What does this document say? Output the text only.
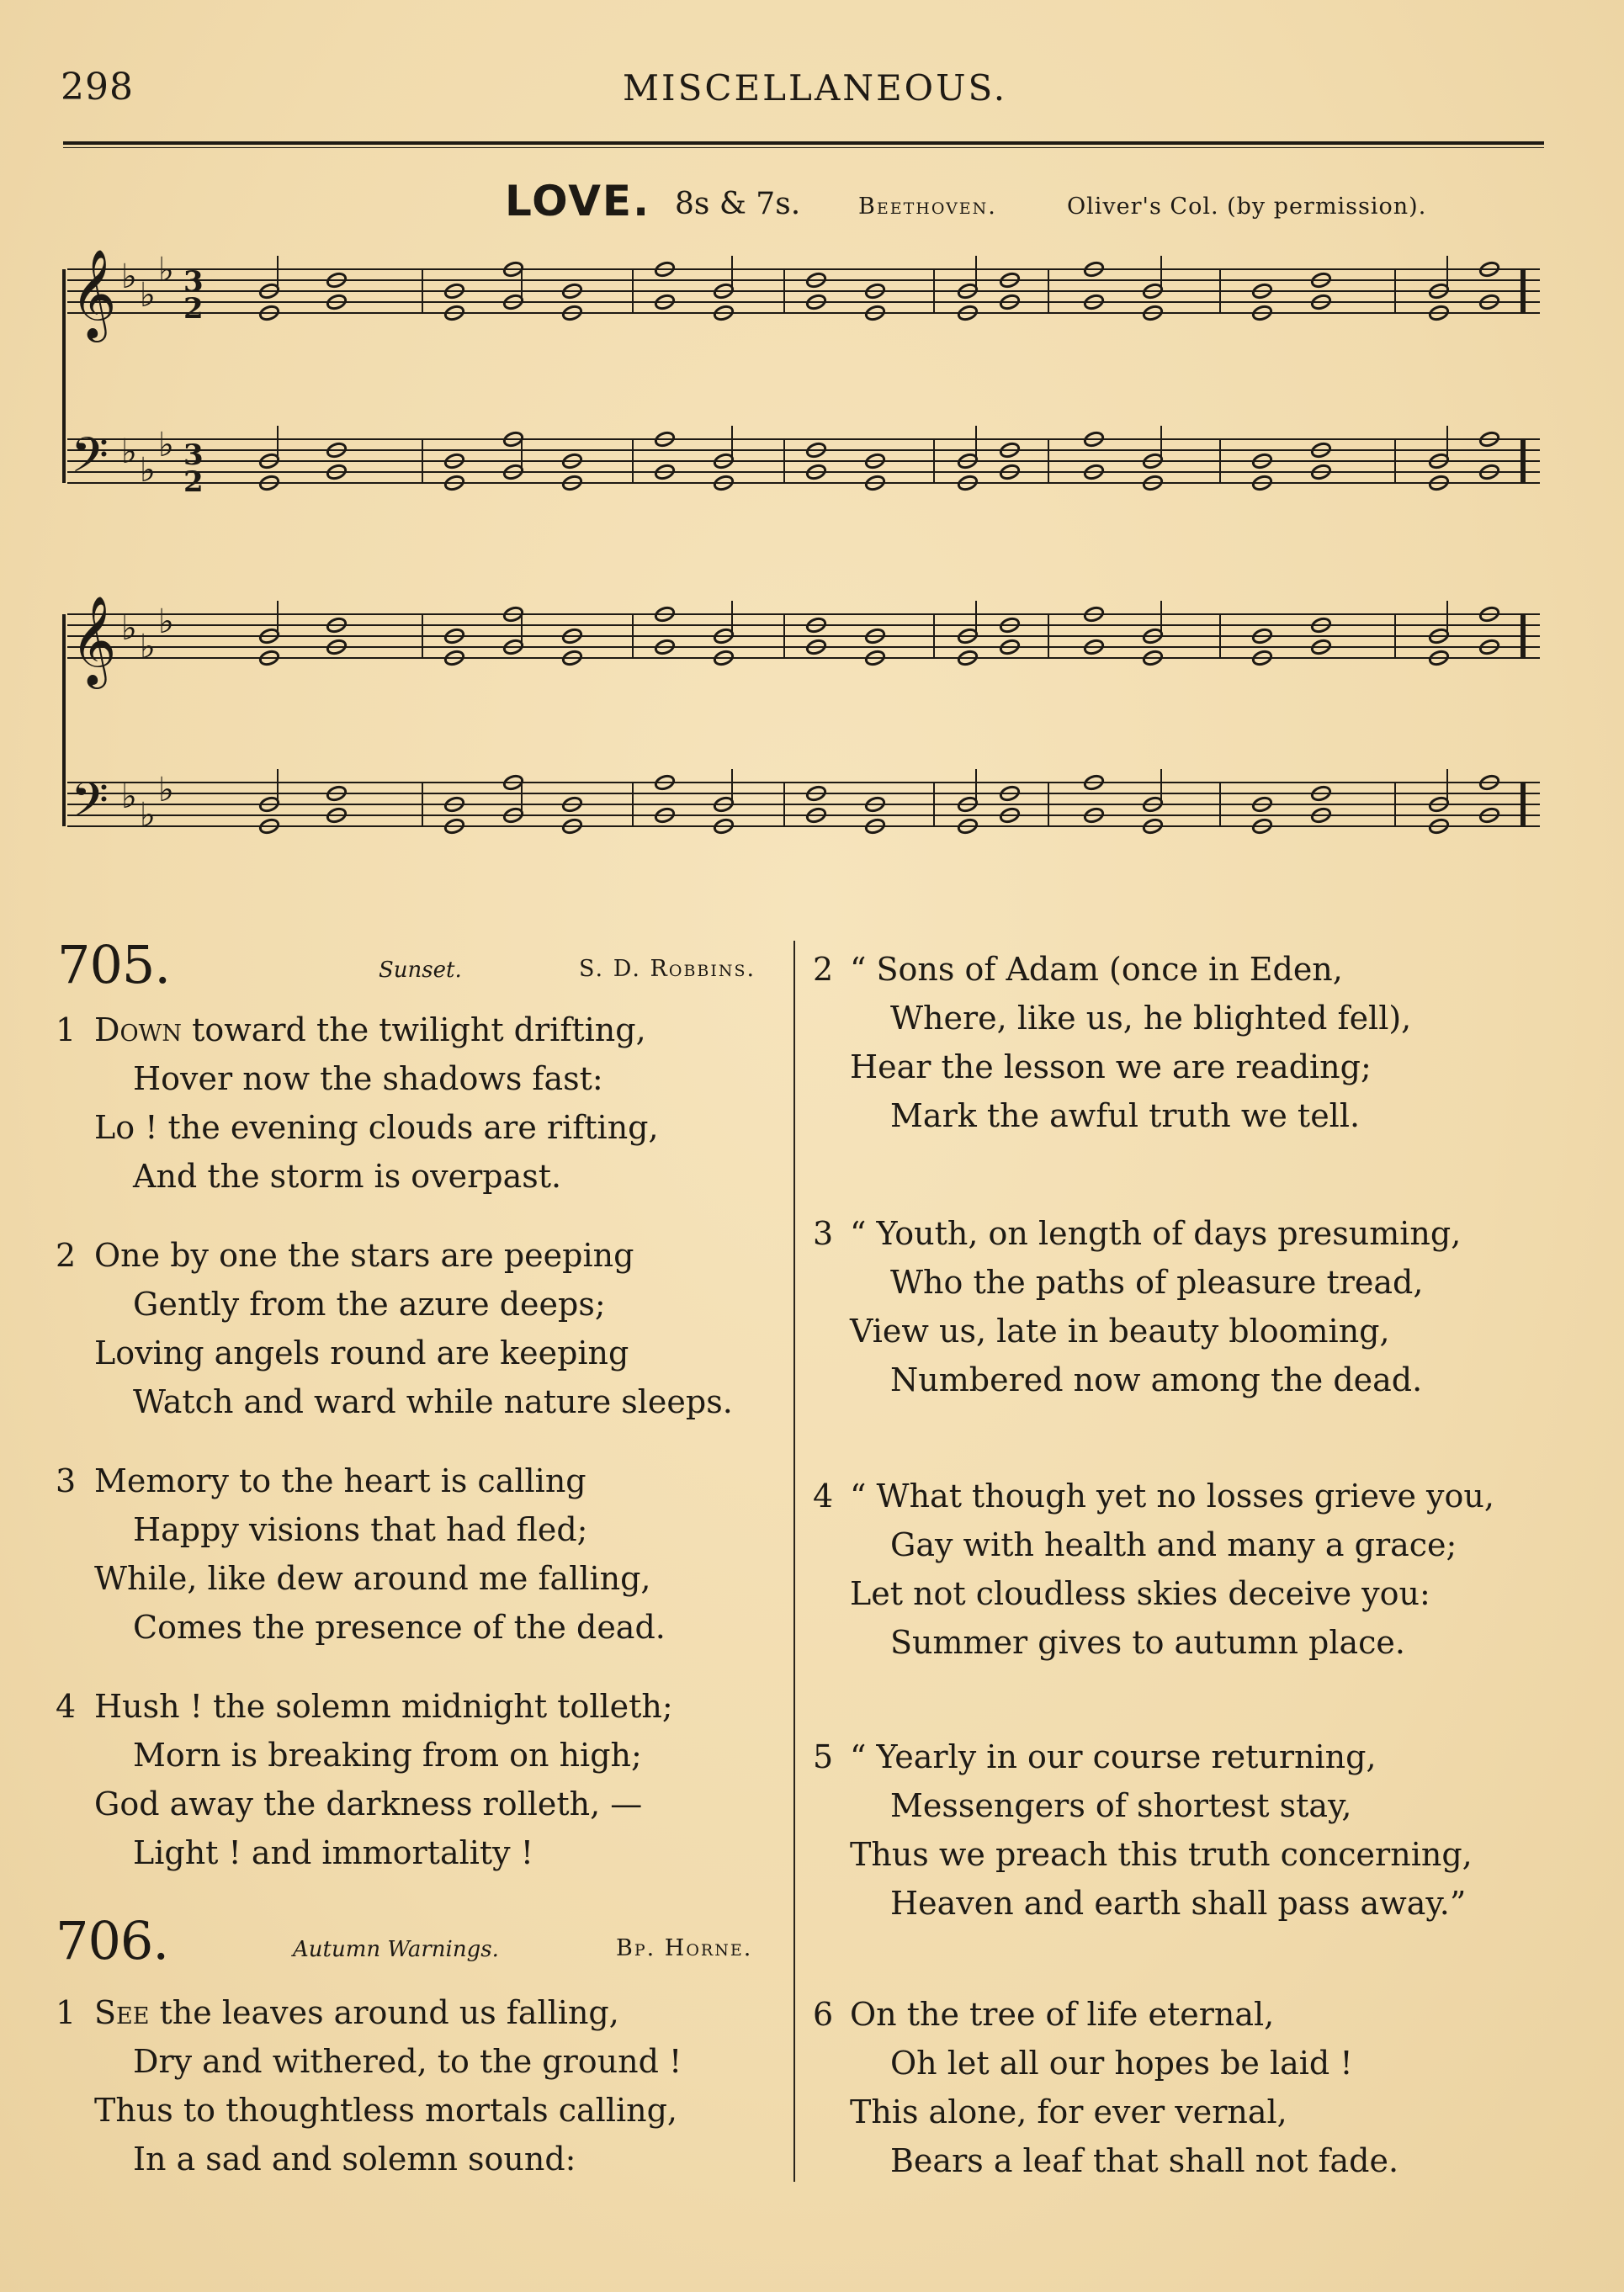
298	MISCELLANEOUS.
LOVE. 8s & 7s.	Beethoven.	Oliver's Col. (by permission).
𝄞
𝄢
𝄞
𝄢
♭ ♭
♭
♭ ♭
♭
♭ ♭
♭
♭ ♭
♭
3
2
3
2
705.	Sunset.	S. D. Robbins.
1 Down toward the twilight drifting,
Hover now the shadows fast:
Lo ! the evening clouds are rifting,
And the storm is overpast.
2 One by one the stars are peeping
Gently from the azure deeps;
Loving angels round are keeping
Watch and ward while nature sleeps.
3 Memory to the heart is calling
Happy visions that had fled;
While, like dew around me falling,
Comes the presence of the dead.
4 Hush ! the solemn midnight tolleth;
Morn is breaking from on high;
God away the darkness rolleth, —
Light ! and immortality !
706.	Autumn Warnings.	Bp. Horne.
1 See the leaves around us falling,
Dry and withered, to the ground !
Thus to thoughtless mortals calling,
In a sad and solemn sound:
2 “ Sons of Adam (once in Eden,
Where, like us, he blighted fell),
Hear the lesson we are reading;
Mark the awful truth we tell.
3 “ Youth, on length of days presuming,
Who the paths of pleasure tread,
View us, late in beauty blooming,
Numbered now among the dead.
4 “ What though yet no losses grieve you,
Gay with health and many a grace;
Let not cloudless skies deceive you:
Summer gives to autumn place.
5 “ Yearly in our course returning,
Messengers of shortest stay,
Thus we preach this truth concerning,
Heaven and earth shall pass away.”
6 On the tree of life eternal,
Oh let all our hopes be laid !
This alone, for ever vernal,
Bears a leaf that shall not fade.
